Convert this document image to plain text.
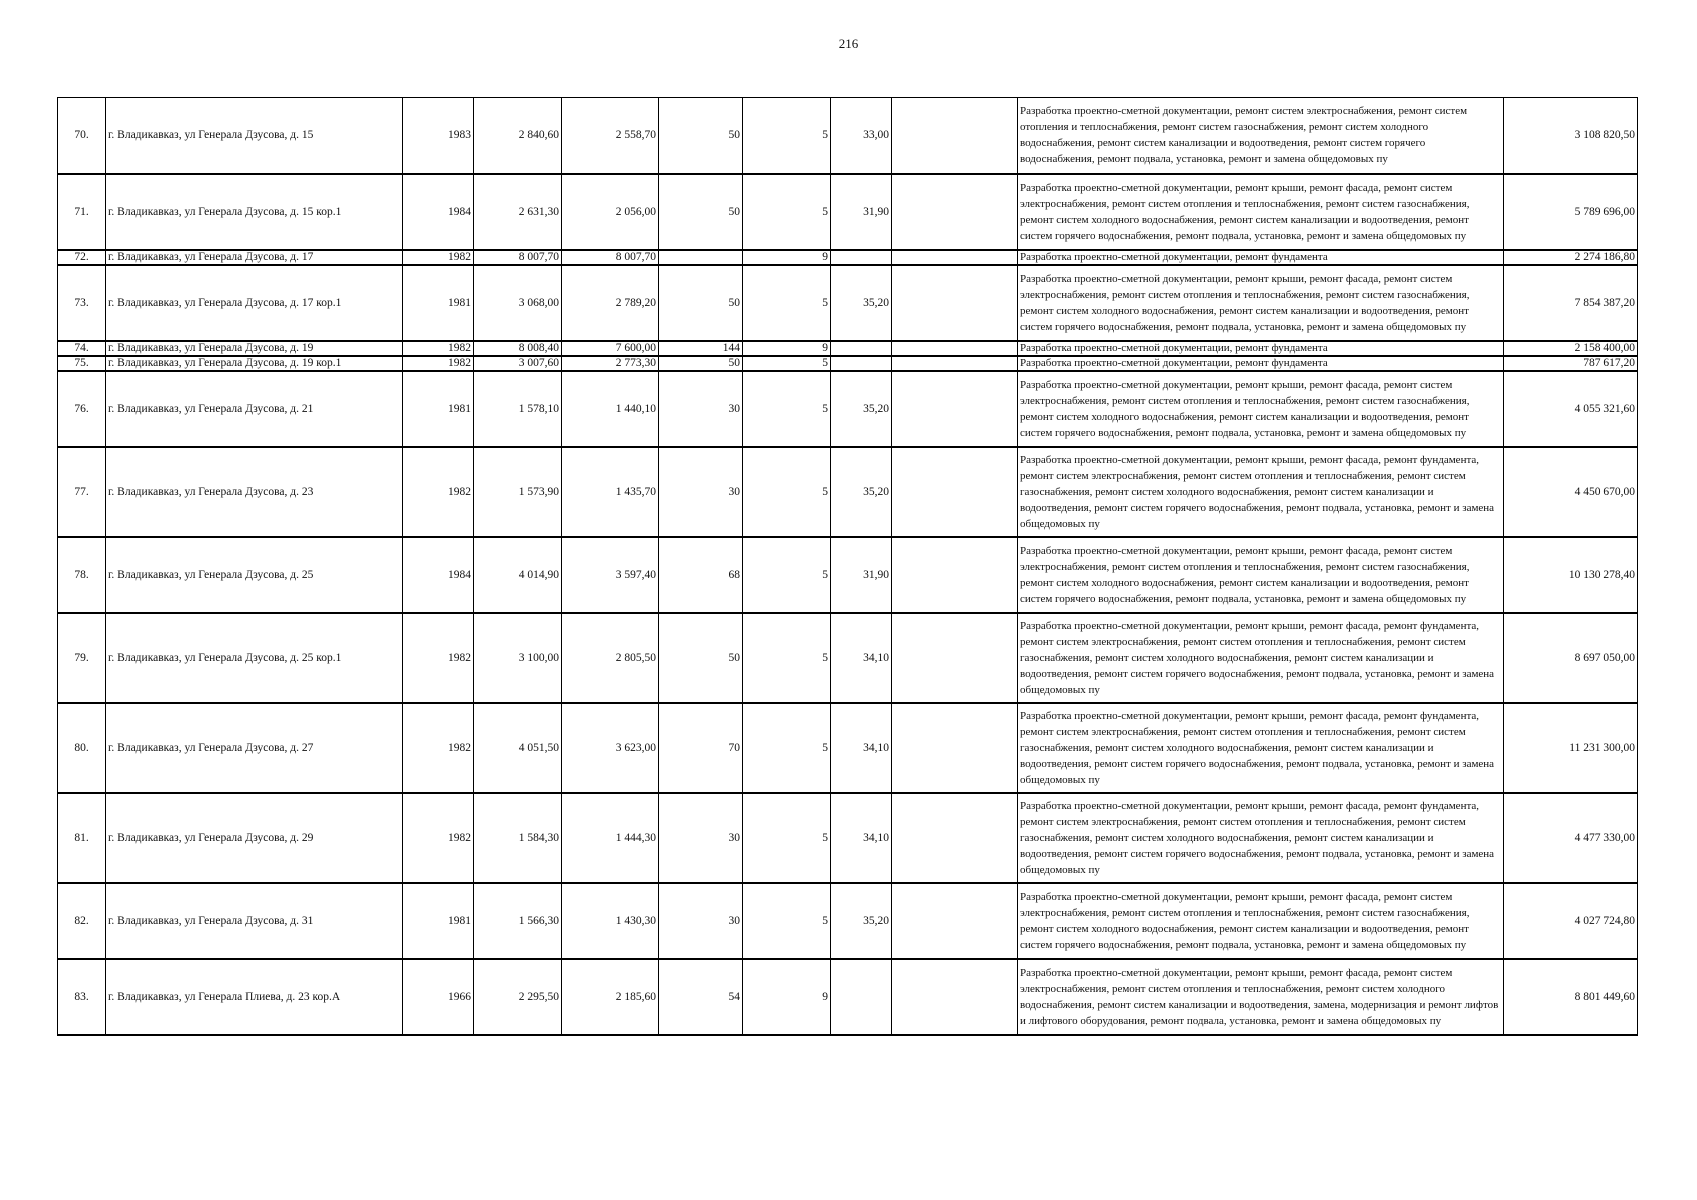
216
70.	г. Владикавказ, ул Генерала Дзусова, д. 15	1983	2 840,60	2 558,70	50	5	33,00		Разработка проектно-сметной документации, ремонт систем электроснабжения, ремонт систем отопления и теплоснабжения, ремонт систем газоснабжения, ремонт систем холодного водоснабжения, ремонт систем канализации и водоотведения, ремонт систем горячего водоснабжения, ремонт подвала, установка, ремонт и замена общедомовых пу	3 108 820,50
71.	г. Владикавказ, ул Генерала Дзусова, д. 15 кор.1	1984	2 631,30	2 056,00	50	5	31,90		Разработка проектно-сметной документации, ремонт крыши, ремонт фасада, ремонт систем электроснабжения, ремонт систем отопления и теплоснабжения, ремонт систем газоснабжения, ремонт систем холодного водоснабжения, ремонт систем канализации и водоотведения, ремонт систем горячего водоснабжения, ремонт подвала, установка, ремонт и замена общедомовых пу	5 789 696,00
72.	г. Владикавказ, ул Генерала Дзусова, д. 17	1982	8 007,70	8 007,70		9			Разработка проектно-сметной документации, ремонт фундамента	2 274 186,80
73.	г. Владикавказ, ул Генерала Дзусова, д. 17 кор.1	1981	3 068,00	2 789,20	50	5	35,20		Разработка проектно-сметной документации, ремонт крыши, ремонт фасада, ремонт систем электроснабжения, ремонт систем отопления и теплоснабжения, ремонт систем газоснабжения, ремонт систем холодного водоснабжения, ремонт систем канализации и водоотведения, ремонт систем горячего водоснабжения, ремонт подвала, установка, ремонт и замена общедомовых пу	7 854 387,20
74.	г. Владикавказ, ул Генерала Дзусова, д. 19	1982	8 008,40	7 600,00	144	9			Разработка проектно-сметной документации, ремонт фундамента	2 158 400,00
75.	г. Владикавказ, ул Генерала Дзусова, д. 19 кор.1	1982	3 007,60	2 773,30	50	5			Разработка проектно-сметной документации, ремонт фундамента	787 617,20
76.	г. Владикавказ, ул Генерала Дзусова, д. 21	1981	1 578,10	1 440,10	30	5	35,20		Разработка проектно-сметной документации, ремонт крыши, ремонт фасада, ремонт систем электроснабжения, ремонт систем отопления и теплоснабжения, ремонт систем газоснабжения, ремонт систем холодного водоснабжения, ремонт систем канализации и водоотведения, ремонт систем горячего водоснабжения, ремонт подвала, установка, ремонт и замена общедомовых пу	4 055 321,60
77.	г. Владикавказ, ул Генерала Дзусова, д. 23	1982	1 573,90	1 435,70	30	5	35,20		Разработка проектно-сметной документации, ремонт крыши, ремонт фасада, ремонт фундамента, ремонт систем электроснабжения, ремонт систем отопления и теплоснабжения, ремонт систем газоснабжения, ремонт систем холодного водоснабжения, ремонт систем канализации и водоотведения, ремонт систем горячего водоснабжения, ремонт подвала, установка, ремонт и замена общедомовых пу	4 450 670,00
78.	г. Владикавказ, ул Генерала Дзусова, д. 25	1984	4 014,90	3 597,40	68	5	31,90		Разработка проектно-сметной документации, ремонт крыши, ремонт фасада, ремонт систем электроснабжения, ремонт систем отопления и теплоснабжения, ремонт систем газоснабжения, ремонт систем холодного водоснабжения, ремонт систем канализации и водоотведения, ремонт систем горячего водоснабжения, ремонт подвала, установка, ремонт и замена общедомовых пу	10 130 278,40
79.	г. Владикавказ, ул Генерала Дзусова, д. 25 кор.1	1982	3 100,00	2 805,50	50	5	34,10		Разработка проектно-сметной документации, ремонт крыши, ремонт фасада, ремонт фундамента, ремонт систем электроснабжения, ремонт систем отопления и теплоснабжения, ремонт систем газоснабжения, ремонт систем холодного водоснабжения, ремонт систем канализации и водоотведения, ремонт систем горячего водоснабжения, ремонт подвала, установка, ремонт и замена общедомовых пу	8 697 050,00
80.	г. Владикавказ, ул Генерала Дзусова, д. 27	1982	4 051,50	3 623,00	70	5	34,10		Разработка проектно-сметной документации, ремонт крыши, ремонт фасада, ремонт фундамента, ремонт систем электроснабжения, ремонт систем отопления и теплоснабжения, ремонт систем газоснабжения, ремонт систем холодного водоснабжения, ремонт систем канализации и водоотведения, ремонт систем горячего водоснабжения, ремонт подвала, установка, ремонт и замена общедомовых пу	11 231 300,00
81.	г. Владикавказ, ул Генерала Дзусова, д. 29	1982	1 584,30	1 444,30	30	5	34,10		Разработка проектно-сметной документации, ремонт крыши, ремонт фасада, ремонт фундамента, ремонт систем электроснабжения, ремонт систем отопления и теплоснабжения, ремонт систем газоснабжения, ремонт систем холодного водоснабжения, ремонт систем канализации и водоотведения, ремонт систем горячего водоснабжения, ремонт подвала, установка, ремонт и замена общедомовых пу	4 477 330,00
82.	г. Владикавказ, ул Генерала Дзусова, д. 31	1981	1 566,30	1 430,30	30	5	35,20		Разработка проектно-сметной документации, ремонт крыши, ремонт фасада, ремонт систем электроснабжения, ремонт систем отопления и теплоснабжения, ремонт систем газоснабжения, ремонт систем холодного водоснабжения, ремонт систем канализации и водоотведения, ремонт систем горячего водоснабжения, ремонт подвала, установка, ремонт и замена общедомовых пу	4 027 724,80
83.	г. Владикавказ, ул Генерала Плиева, д. 23 кор.А	1966	2 295,50	2 185,60	54	9			Разработка проектно-сметной документации, ремонт крыши, ремонт фасада, ремонт систем электроснабжения, ремонт систем отопления и теплоснабжения, ремонт систем холодного водоснабжения, ремонт систем канализации и водоотведения, замена, модернизация и ремонт лифтов и лифтового оборудования, ремонт подвала, установка, ремонт и замена общедомовых пу	8 801 449,60
